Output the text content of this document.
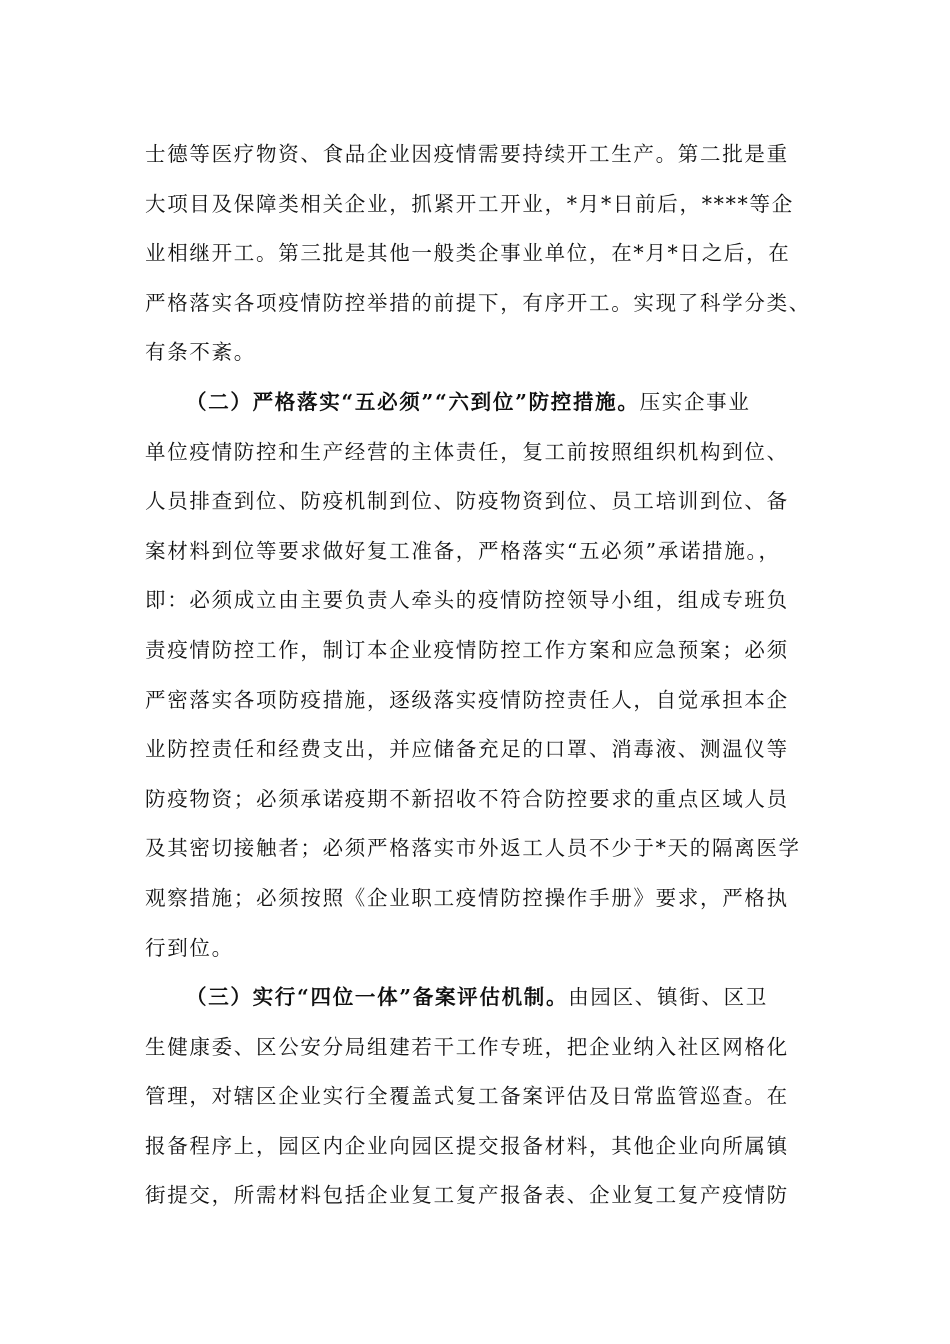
士德等医疗物资、食品企业因疫情需要持续开工生产。第二批是重
大项目及保障类相关企业，抓紧开工开业，*月*日前后，****等企
业相继开工。第三批是其他一般类企事业单位，在*月*日之后，在
严格落实各项疫情防控举措的前提下，有序开工。实现了科学分类、
有条不紊。
（二）严格落实“五必须”“六到位”防控措施。压实企事业
单位疫情防控和生产经营的主体责任，复工前按照组织机构到位、
人员排查到位、防疫机制到位、防疫物资到位、员工培训到位、备
案材料到位等要求做好复工准备，严格落实“五必须”承诺措施。，
即：必须成立由主要负责人牵头的疫情防控领导小组，组成专班负
责疫情防控工作，制订本企业疫情防控工作方案和应急预案；必须
严密落实各项防疫措施，逐级落实疫情防控责任人，自觉承担本企
业防控责任和经费支出，并应储备充足的口罩、消毒液、测温仪等
防疫物资；必须承诺疫期不新招收不符合防控要求的重点区域人员
及其密切接触者；必须严格落实市外返工人员不少于*天的隔离医学
观察措施；必须按照《企业职工疫情防控操作手册》要求，严格执
行到位。
（三）实行“四位一体”备案评估机制。由园区、镇街、区卫
生健康委、区公安分局组建若干工作专班，把企业纳入社区网格化
管理，对辖区企业实行全覆盖式复工备案评估及日常监管巡查。在
报备程序上，园区内企业向园区提交报备材料，其他企业向所属镇
街提交，所需材料包括企业复工复产报备表、企业复工复产疫情防
